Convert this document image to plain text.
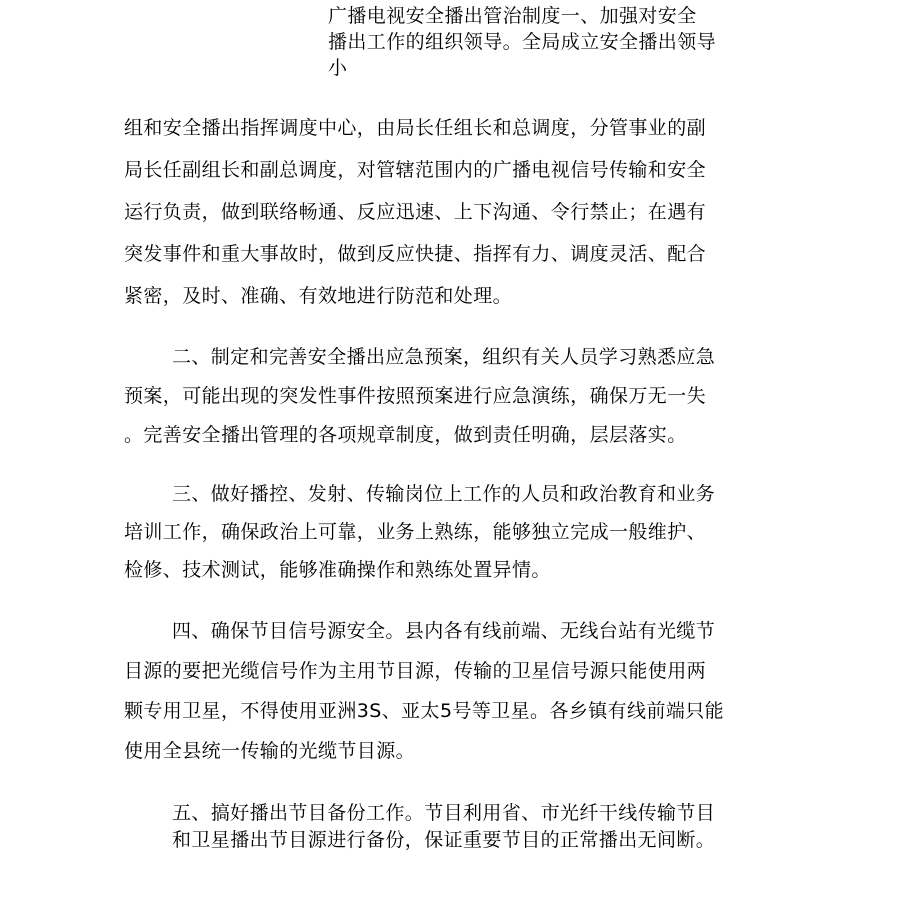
广播电视安全播出管治制度一、加强对安全
播出工作的组织领导。全局成立安全播出领导
小
组和安全播出指挥调度中心，由局长任组长和总调度，分管事业的副
局长任副组长和副总调度，对管辖范围内的广播电视信号传输和安全
运行负责，做到联络畅通、反应迅速、上下沟通、令行禁止；在遇有
突发事件和重大事故时，做到反应快捷、指挥有力、调度灵活、配合
紧密，及时、准确、有效地进行防范和处理。
二、制定和完善安全播出应急预案，组织有关人员学习熟悉应急
预案，可能出现的突发性事件按照预案进行应急演练，确保万无一失
。完善安全播出管理的各项规章制度，做到责任明确，层层落实。
三、做好播控、发射、传输岗位上工作的人员和政治教育和业务
培训工作，确保政治上可靠，业务上熟练，能够独立完成一般维护、
检修、技术测试，能够准确操作和熟练处置异情。
四、确保节目信号源安全。县内各有线前端、无线台站有光缆节
目源的要把光缆信号作为主用节目源，传输的卫星信号源只能使用两
颗专用卫星，不得使用亚洲3S、亚太5号等卫星。各乡镇有线前端只能
使用全县统一传输的光缆节目源。
五、搞好播出节目备份工作。节目利用省、市光纤干线传输节目
和卫星播出节目源进行备份，保证重要节目的正常播出无间断。
